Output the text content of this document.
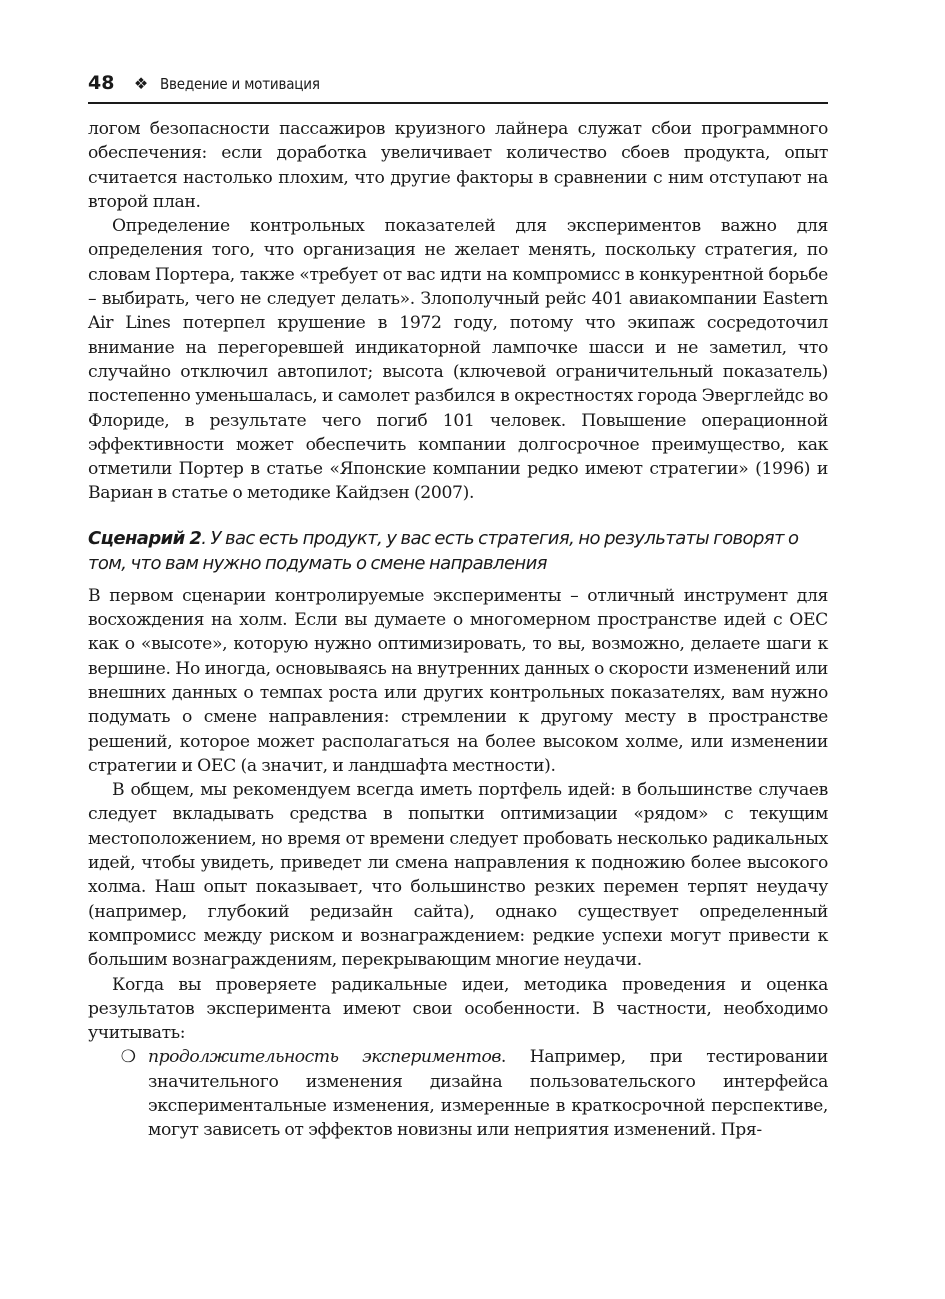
48	❖ Введение и мотивация

логом безопасности пассажиров круизного лайнера служат сбои программного обеспечения: если доработка увеличивает количество сбоев продукта, опыт считается настолько плохим, что другие факторы в сравнении с ним отступают на второй план.

Определение контрольных показателей для экспериментов важно для определения того, что организация не желает менять, поскольку стратегия, по словам Портера, также «требует от вас идти на компромисс в конкурентной борьбе – выбирать, чего не следует делать». Злополучный рейс 401 авиакомпании Eastern Air Lines потерпел крушение в 1972 году, потому что экипаж сосредоточил внимание на перегоревшей индикаторной лампочке шасси и не заметил, что случайно отключил автопилот; высота (ключевой ограничительный показатель) постепенно уменьшалась, и самолет разбился в окрестностях города Эверглейдс во Флориде, в результате чего погиб 101 человек. Повышение операционной эффективности может обеспечить компании долгосрочное преимущество, как отметили Портер в статье «Японские компании редко имеют стратегии» (1996) и Вариан в статье о методике Кайдзен (2007).

Сценарий 2. У вас есть продукт, у вас есть стратегия, но результаты говорят о том, что вам нужно подумать о смене направления

В первом сценарии контролируемые эксперименты – отличный инструмент для восхождения на холм. Если вы думаете о многомерном пространстве идей с OEC как о «высоте», которую нужно оптимизировать, то вы, возможно, делаете шаги к вершине. Но иногда, основываясь на внутренних данных о скорости изменений или внешних данных о темпах роста или других контрольных показателях, вам нужно подумать о смене направления: стремлении к другому месту в пространстве решений, которое может располагаться на более высоком холме, или изменении стратегии и OEC (а значит, и ландшафта местности).

В общем, мы рекомендуем всегда иметь портфель идей: в большинстве случаев следует вкладывать средства в попытки оптимизации «рядом» с текущим местоположением, но время от времени следует пробовать несколько радикальных идей, чтобы увидеть, приведет ли смена направления к подножию более высокого холма. Наш опыт показывает, что большинство резких перемен терпят неудачу (например, глубокий редизайн сайта), однако существует определенный компромисс между риском и вознаграждением: редкие успехи могут привести к большим вознаграждениям, перекрывающим многие неудачи.

Когда вы проверяете радикальные идеи, методика проведения и оценка результатов эксперимента имеют свои особенности. В частности, необходимо учитывать:

❍ продолжительность экспериментов. Например, при тестировании значительного изменения дизайна пользовательского интерфейса экспериментальные изменения, измеренные в краткосрочной перспективе, могут зависеть от эффектов новизны или неприятия изменений. Пря-
